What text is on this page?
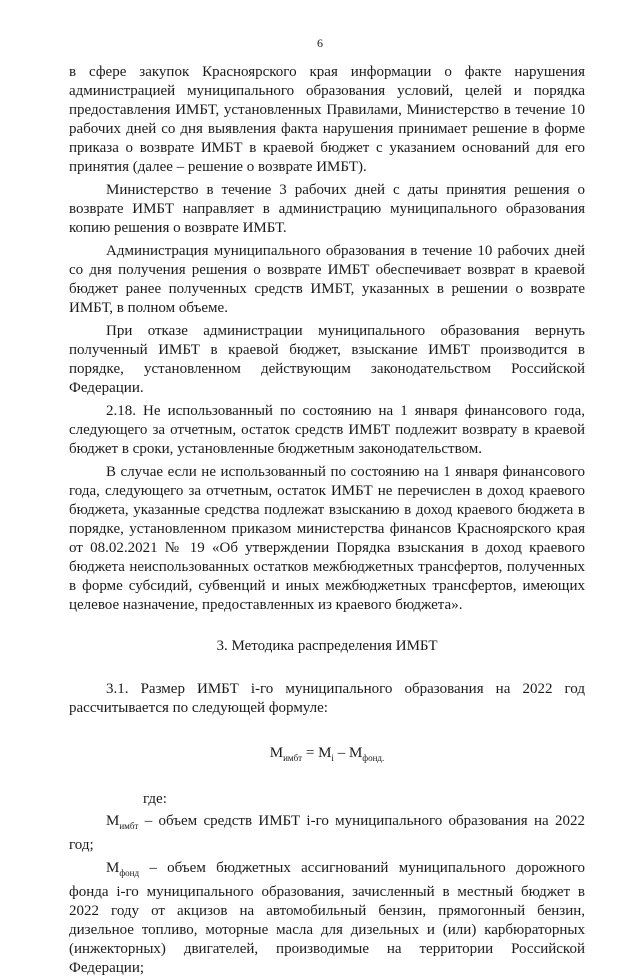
6

в сфере закупок Красноярского края информации о факте нарушения администрацией муниципального образования условий, целей и порядка предоставления ИМБТ, установленных Правилами, Министерство в течение 10 рабочих дней со дня выявления факта нарушения принимает решение в форме приказа о возврате ИМБТ в краевой бюджет с указанием оснований для его принятия (далее – решение о возврате ИМБТ).

Министерство в течение 3 рабочих дней с даты принятия решения о возврате ИМБТ направляет в администрацию муниципального образования копию решения о возврате ИМБТ.

Администрация муниципального образования в течение 10 рабочих дней со дня получения решения о возврате ИМБТ обеспечивает возврат в краевой бюджет ранее полученных средств ИМБТ, указанных в решении о возврате ИМБТ, в полном объеме.

При отказе администрации муниципального образования вернуть полученный ИМБТ в краевой бюджет, взыскание ИМБТ производится в порядке, установленном действующим законодательством Российской Федерации.

2.18. Не использованный по состоянию на 1 января финансового года, следующего за отчетным, остаток средств ИМБТ подлежит возврату в краевой бюджет в сроки, установленные бюджетным законодательством.

В случае если не использованный по состоянию на 1 января финансового года, следующего за отчетным, остаток ИМБТ не перечислен в доход краевого бюджета, указанные средства подлежат взысканию в доход краевого бюджета в порядке, установленном приказом министерства финансов Красноярского края от 08.02.2021 № 19 «Об утверждении Порядка взыскания в доход краевого бюджета неиспользованных остатков межбюджетных трансфертов, полученных в форме субсидий, субвенций и иных межбюджетных трансфертов, имеющих целевое назначение, предоставленных из краевого бюджета».

3. Методика распределения ИМБТ

3.1. Размер ИМБТ i-го муниципального образования на 2022 год рассчитывается по следующей формуле:

$М_{имбт} = М_i - М_{фонд.}$

где:

$М_{имбт}$ – объем средств ИМБТ i-го муниципального образования на 2022 год;

$М_{фонд}$ – объем бюджетных ассигнований муниципального дорожного фонда i-го муниципального образования, зачисленный в местный бюджет в 2022 году от акцизов на автомобильный бензин, прямогонный бензин, дизельное топливо, моторные масла для дизельных и (или) карбюраторных (инжекторных) двигателей, производимые на территории Российской Федерации;
